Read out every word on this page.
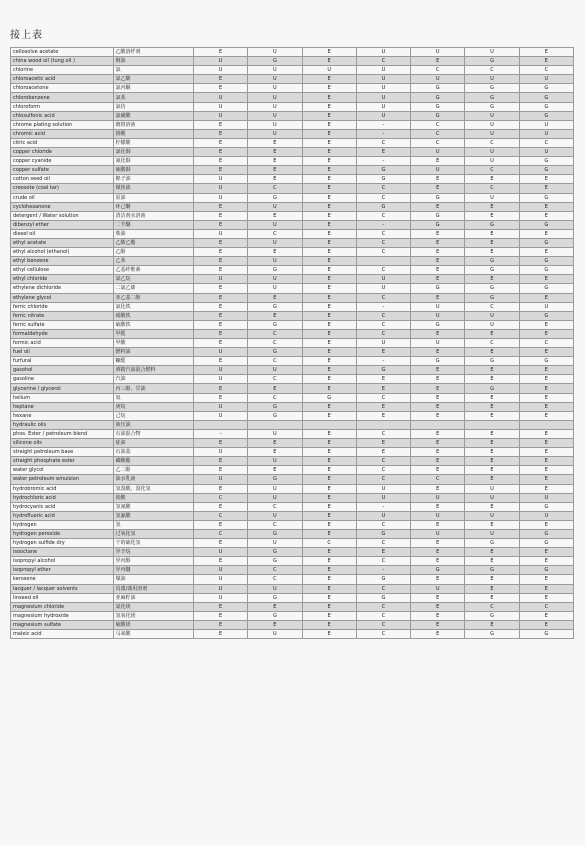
接上表
cellosolve acetate	乙酸溶纤剂	E	U	E	U	U	U	E
china wood oil (tung oil )	桐油	U	G	E	C	E	G	E
chlorine	氯	U	U	U	U	C	C	C
chloroacetic acid	氯乙酸	E	U	E	U	U	U	U
chloroacetone	氯丙酮	E	U	E	U	G	G	G
chlorobenzene	氯苯	U	U	E	U	G	G	G
chloroform	氯仿	U	U	E	U	G	G	G
chlosulfonic acid	氯磺酸	U	U	E	U	G	U	G
chrome plating solution	镀铬溶液	E	U	E	-	C	U	U
chromic acid	铬酸	E	U	E	-	C	U	U
citric acid	柠檬酸	E	E	E	C	C	C	C
copper chloride	氯化铜	E	E	E	E	U	U	U
copper cyanide	氰化铜	E	E	E	-	E	U	G
copper sulfate	硫酸铜	E	E	E	G	U	C	G
cotton seed oil	棉子油	U	E	E	G	E	E	E
creosote (coal tar)	煤焦油	U	C	E	C	E	C	E
crude oil	原油	U	G	E	C	G	U	G
cyclohexanone	环己酮	E	U	E	G	E	E	E
detergent / Water solution	清洁剂水溶液	E	E	E	C	G	E	E
dibenzyl ether	二苄醚	E	U	E	-	G	G	G
diesel oil	柴油	U	C	E	C	E	E	E
ethyl acetate	乙酸乙酯	E	U	E	C	E	E	G
ethyl alcohol (ethanol)	乙醇	E	E	E	C	E	E	E
ethyl benzene	乙苯	E	U	E		E	G	G
ethyl cellulose	乙基纤维素	E	G	E	C	E	G	G
ethyl chloride	氯乙烷	U	U	E	U	E	E	E
ethylene dichloride	二氯乙烯	E	U	E	U	G	G	G
ethylene glycol	亚乙基二醇	E	E	E	C	E	G	E
ferric chloride	氯化铁	E	G	E	-	U	C	U
ferric nitrate	硝酸铁	E	E	E	C	U	U	G
ferric sulfate	硫酸铁	E	G	E	C	G	U	E
formaldehyde	甲醛	E	C	E	C	E	E	E
formic acid	甲酸	E	C	E	U	U	C	C
fuel oil	燃料油	U	G	E	E	E	E	E
furfural	糠醛	E	C	E	-	G	G	G
gasohol	酒精汽油混合燃料	U	U	E	G	E	E	E
gasoline	汽油	U	C	E	E	E	E	E
glycerine / glycerol	丙三醇，甘油	E	E	E	E	E	G	E
helium	氦	E	C	G	C	E	E	E
heptane	庚烷	U	G	E	E	E	E	E
hexane	己烷	U	G	E	E	E	E	E
hydraulic oils	液压油							
phos. Ester / petroleum blend	石油混合物	-	U	E	C	E	E	E
silicone oils	硅油	E	E	E	E	E	E	E
straight petroleum base	石油基	U	E	E	E	E	E	E
straight phosphate ester	磷酸酯	E	U	E	C	E	E	E
water glycol	乙二醇	E	E	E	C	E	E	E
water petroleum emulsion	油水乳液	U	G	E	C	C	E	E
hydrobromic acid	氢溴酸，溴化氢	E	U	E	U	E	U	E
hydrochloric acid	盐酸	C	U	E	U	U	U	U
hydrocyanic acid	氢氰酸	E	C	E	-	E	E	G
hydrofluoric acid	氢氟酸	C	U	E	U	U	U	U
hydrogen	氢	E	C	E	C	E	E	E
hydrogen peroxide	过氧化氢	C	G	E	G	U	U	G
hydrogen sulfide dry	干的硫化氢	E	U	C	C	E	G	G
isooctane	异辛烷	U	G	E	E	E	E	E
isopropyl alcohol	异丙醇	E	G	E	C	E	E	E
isopropyl ether	异丙醚	U	C	E	-	G	G	G
kerosene	煤油	U	C	E	G	E	E	E
lacquer / lacquer solvents	真漆/漆用溶剂	U	U	E	C	U	E	E
linseed oil	亚麻籽油	U	G	E	G	E	E	E
magnesium chloride	氯化镁	E	E	E	C	E	C	C
magnesium hydroxide	氢氧化镁	E	G	E	C	E	G	E
magnesium sulfate	硫酸镁	E	E	E	C	E	E	E
maleic acid	马来酸	E	U	E	C	E	G	G
